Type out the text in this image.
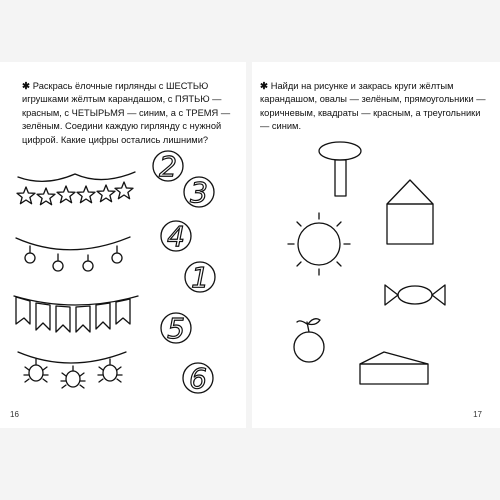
✱ Раскрась ёлочные гирлянды с ШЕСТЬЮ игрушками жёлтым карандашом, с ПЯТЬЮ — красным, с ЧЕТЫРЬМЯ — синим, а с ТРЕМЯ — зелёным. Соедини каждую гирлянду с нужной цифрой. Какие цифры остались лишними?
2
3
4
1
5
6
16
✱ Найди на рисунке и закрась круги жёлтым карандашом, овалы — зелёным, прямоугольники — коричневым, квадраты — красным, а треугольники — синим.
17
